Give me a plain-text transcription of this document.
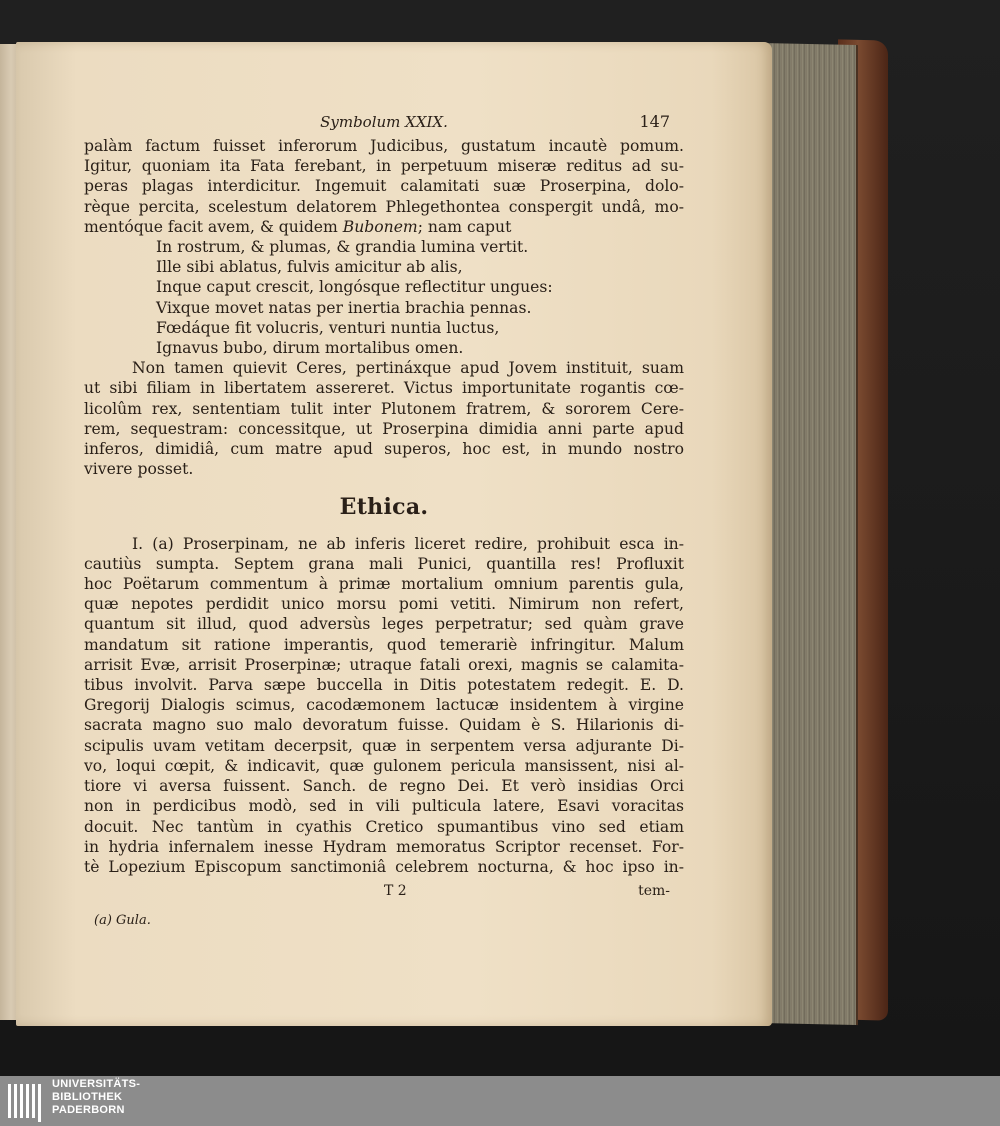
Symbolum XXIX.	147
palàm factum fuisset inferorum Judicibus, gustatum incautè pomum.
Igitur, quoniam ita Fata ferebant, in perpetuum miseræ reditus ad su-
peras plagas interdicitur. Ingemuit calamitati suæ Proserpina, dolo-
rèque percita, scelestum delatorem Phlegethontea conspergit undâ, mo-
mentóque facit avem, & quidem Bubonem; nam caput
In rostrum, & plumas, & grandia lumina vertit.
Ille sibi ablatus, fulvis amicitur ab alis,
Inque caput crescit, longósque reflectitur ungues:
Vixque movet natas per inertia brachia pennas.
Fœdáque fit volucris, venturi nuntia luctus,
Ignavus bubo, dirum mortalibus omen.
Non tamen quievit Ceres, pertináxque apud Jovem instituit, suam
ut sibi filiam in libertatem assereret. Victus importunitate rogantis cœ-
licolûm rex, sententiam tulit inter Plutonem fratrem, & sororem Cere-
rem, sequestram: concessitque, ut Proserpina dimidia anni parte apud
inferos, dimidiâ, cum matre apud superos, hoc est, in mundo nostro
vivere posset.
Ethica.
I. (a) Proserpinam, ne ab inferis liceret redire, prohibuit esca in-
cautiùs sumpta. Septem grana mali Punici, quantilla res! Profluxit
hoc Poëtarum commentum à primæ mortalium omnium parentis gula,
quæ nepotes perdidit unico morsu pomi vetiti. Nimirum non refert,
quantum sit illud, quod adversùs leges perpetratur; sed quàm grave
mandatum sit ratione imperantis, quod temerariè infringitur. Malum
arrisit Evæ, arrisit Proserpinæ; utraque fatali orexi, magnis se calamita-
tibus involvit. Parva sæpe buccella in Ditis potestatem redegit. E. D.
Gregorij Dialogis scimus, cacodæmonem lactucæ insidentem à virgine
sacrata magno suo malo devoratum fuisse. Quidam è S. Hilarionis di-
scipulis uvam vetitam decerpsit, quæ in serpentem versa adjurante Di-
vo, loqui cœpit, & indicavit, quæ gulonem pericula mansissent, nisi al-
tiore vi aversa fuissent. Sanch. de regno Dei. Et verò insidias Orci
non in perdicibus modò, sed in vili pulticula latere, Esavi voracitas
docuit. Nec tantùm in cyathis Cretico spumantibus vino sed etiam
in hydria infernalem inesse Hydram memoratus Scriptor recenset. For-
tè Lopezium Episcopum sanctimoniâ celebrem nocturna, & hoc ipso in-
T 2	tem-
(a) Gula.
UNIVERSITÄTS-
BIBLIOTHEK
PADERBORN
